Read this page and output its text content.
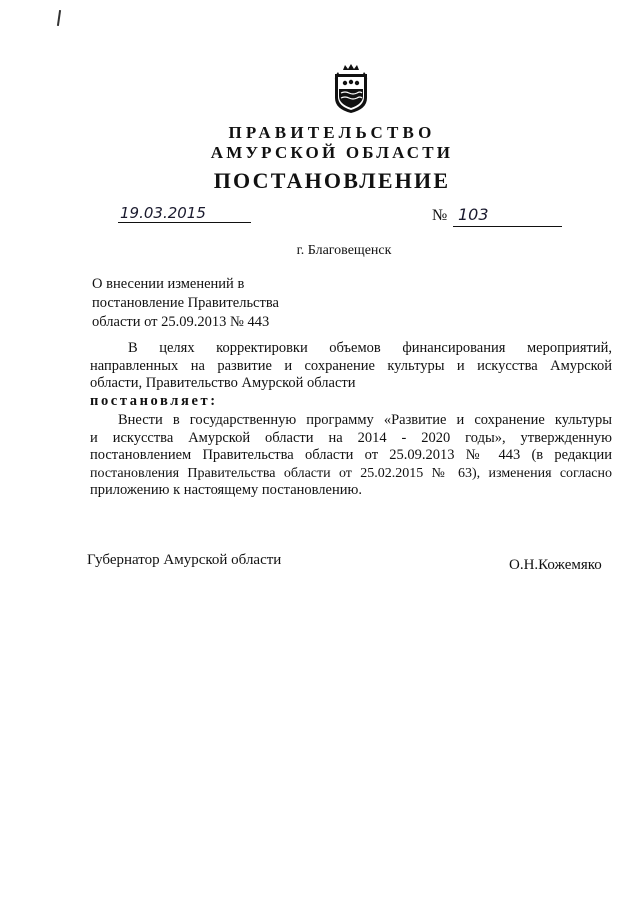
ПРАВИТЕЛЬСТВО
АМУРСКОЙ ОБЛАСТИ
ПОСТАНОВЛЕНИЕ
19.03.2015	№ 103
г. Благовещенск
О внесении изменений в
постановление Правительства
области от 25.09.2013 № 443
В целях корректировки объемов финансирования мероприятий,
направленных на развитие и сохранение культуры и искусства Амурской
области, Правительство Амурской области
постановляет:
Внести в государственную программу «Развитие и сохранение культуры
и искусства Амурской области на 2014 - 2020 годы», утвержденную
постановлением Правительства области от 25.09.2013 № 443 (в редакции
постановления Правительства области от 25.02.2015 № 63), изменения согласно
приложению к настоящему постановлению.
Губернатор Амурской области	О.Н.Кожемяко
